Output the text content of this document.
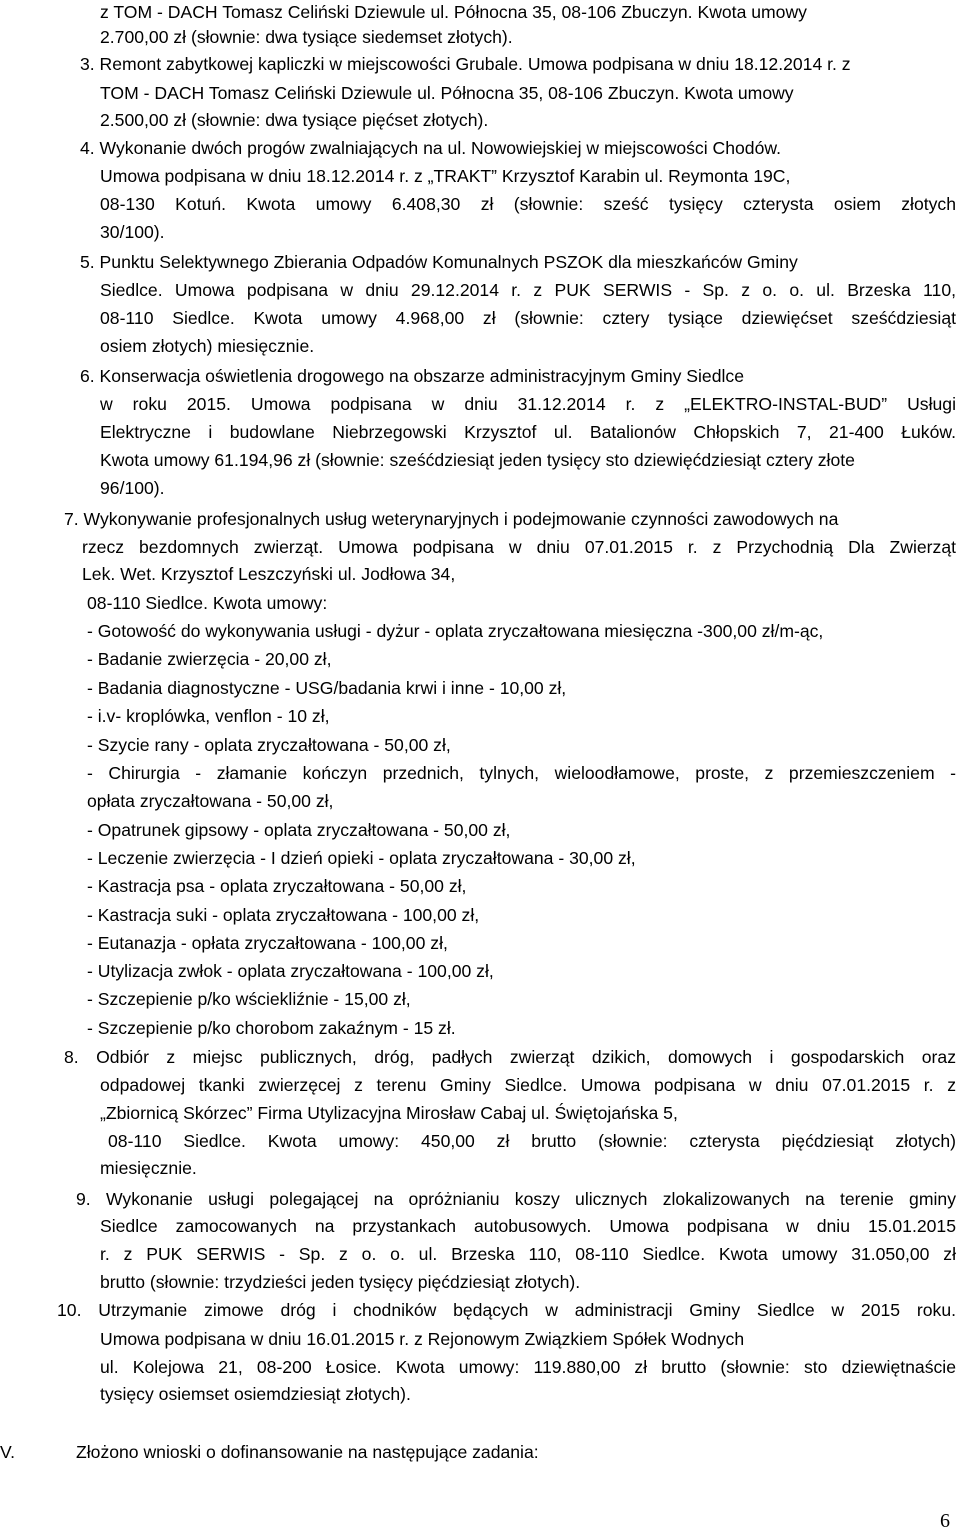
z TOM - DACH Tomasz Celiński Dziewule ul. Północna 35, 08-106 Zbuczyn. Kwota umowy
2.700,00 zł (słownie: dwa tysiące siedemset złotych).
3. Remont zabytkowej kapliczki w miejscowości Grubale. Umowa podpisana w dniu 18.12.2014 r. z
TOM - DACH Tomasz Celiński Dziewule ul. Północna 35, 08-106 Zbuczyn. Kwota umowy
2.500,00 zł (słownie: dwa tysiące pięćset złotych).
4. Wykonanie dwóch progów zwalniających na ul. Nowowiejskiej w miejscowości Chodów.
Umowa podpisana w dniu 18.12.2014 r. z „TRAKT” Krzysztof Karabin ul. Reymonta 19C,
08-130 Kotuń. Kwota umowy 6.408,30 zł (słownie: sześć tysięcy czterysta osiem złotych
30/100).
5. Punktu Selektywnego Zbierania Odpadów Komunalnych PSZOK dla mieszkańców Gminy
Siedlce. Umowa podpisana w dniu 29.12.2014 r. z PUK SERWIS - Sp. z o. o. ul. Brzeska 110,
08-110 Siedlce. Kwota umowy 4.968,00 zł (słownie: cztery tysiące dziewięćset sześćdziesiąt
osiem złotych) miesięcznie.
6. Konserwacja oświetlenia drogowego na obszarze administracyjnym Gminy Siedlce
w roku 2015. Umowa podpisana w dniu 31.12.2014 r. z „ELEKTRO-INSTAL-BUD” Usługi
Elektryczne i budowlane Niebrzegowski Krzysztof ul. Batalionów Chłopskich 7, 21-400 Łuków.
Kwota umowy 61.194,96 zł (słownie: sześćdziesiąt jeden tysięcy sto dziewięćdziesiąt cztery złote
96/100).
7. Wykonywanie profesjonalnych usług weterynaryjnych i podejmowanie czynności zawodowych na
rzecz bezdomnych zwierząt. Umowa podpisana w dniu 07.01.2015 r. z Przychodnią Dla Zwierząt
Lek. Wet. Krzysztof Leszczyński ul. Jodłowa 34,
08-110 Siedlce. Kwota umowy:
- Gotowość do wykonywania usługi - dyżur - oplata zryczałtowana miesięczna -300,00 zł/m-ąc,
- Badanie zwierzęcia - 20,00 zł,
- Badania diagnostyczne - USG/badania krwi i inne - 10,00 zł,
- i.v- kroplówka, venflon - 10 zł,
- Szycie rany - oplata zryczałtowana - 50,00 zł,
- Chirurgia - złamanie kończyn przednich, tylnych, wieloodłamowe, proste, z przemieszczeniem -
opłata zryczałtowana - 50,00 zł,
- Opatrunek gipsowy - oplata zryczałtowana - 50,00 zł,
- Leczenie zwierzęcia - I dzień opieki - oplata zryczałtowana - 30,00 zł,
- Kastracja psa - oplata zryczałtowana - 50,00 zł,
- Kastracja suki - oplata zryczałtowana - 100,00 zł,
- Eutanazja - opłata zryczałtowana - 100,00 zł,
- Utylizacja zwłok - oplata zryczałtowana - 100,00 zł,
- Szczepienie p/ko wściekliźnie - 15,00 zł,
- Szczepienie p/ko chorobom zakaźnym - 15 zł.
8. Odbiór z miejsc publicznych, dróg, padłych zwierząt dzikich, domowych i gospodarskich oraz
odpadowej tkanki zwierzęcej z terenu Gminy Siedlce. Umowa podpisana w dniu 07.01.2015 r. z
„Zbiornicą Skórzec” Firma Utylizacyjna Mirosław Cabaj ul. Świętojańska 5,
08-110 Siedlce. Kwota umowy: 450,00 zł brutto (słownie: czterysta pięćdziesiąt złotych)
miesięcznie.
9. Wykonanie usługi polegającej na opróżnianiu koszy ulicznych zlokalizowanych na terenie gminy
Siedlce zamocowanych na przystankach autobusowych. Umowa podpisana w dniu 15.01.2015
r. z PUK SERWIS - Sp. z o. o. ul. Brzeska 110, 08-110 Siedlce. Kwota umowy 31.050,00 zł
brutto (słownie: trzydzieści jeden tysięcy pięćdziesiąt złotych).
10. Utrzymanie zimowe dróg i chodników będących w administracji Gminy Siedlce w 2015 roku.
Umowa podpisana w dniu 16.01.2015 r. z Rejonowym Związkiem Spółek Wodnych
ul. Kolejowa 21, 08-200 Łosice. Kwota umowy: 119.880,00 zł brutto (słownie: sto dziewiętnaście
tysięcy osiemset osiemdziesiąt złotych).
V.	Złożono wnioski o dofinansowanie na następujące zadania:
6
